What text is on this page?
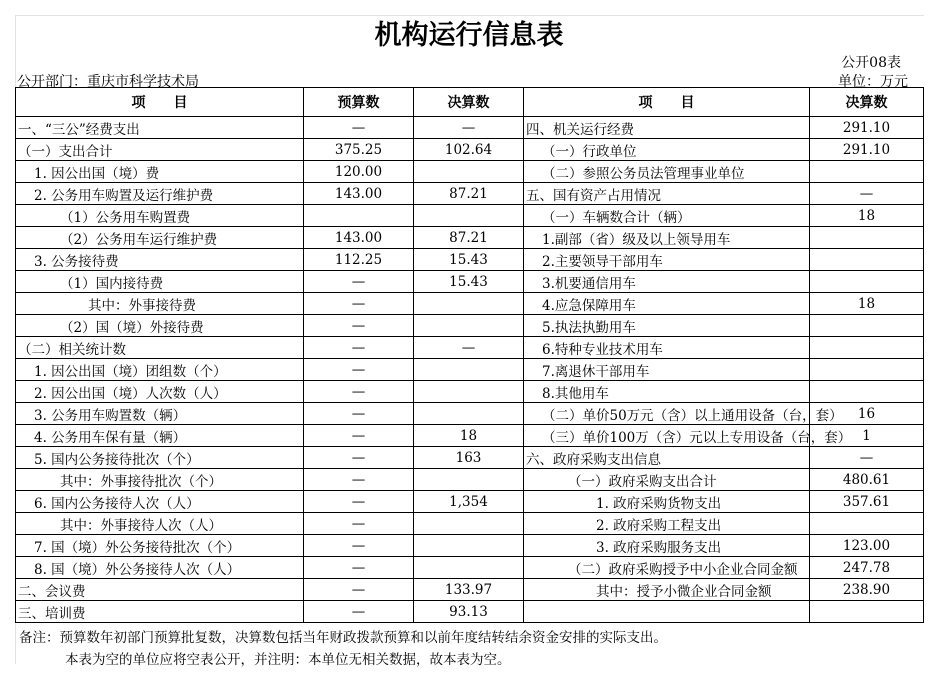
机构运行信息表
公开08表
公开部门：重庆市科学技术局	单位：万元
项　　目	预算数	决算数	项　　目	决算数
一、“三公”经费支出	—	—	四、机关运行经费	291.10
（一）支出合计	375.25	102.64	（一）行政单位	291.10
1. 因公出国（境）费	120.00		（二）参照公务员法管理事业单位	
2. 公务用车购置及运行维护费	143.00	87.21	五、国有资产占用情况	—
（1）公务用车购置费			（一）车辆数合计（辆）	18
（2）公务用车运行维护费	143.00	87.21	1.副部（省）级及以上领导用车	
3. 公务接待费	112.25	15.43	2.主要领导干部用车	
（1）国内接待费	—	15.43	3.机要通信用车	
其中：外事接待费	—		4.应急保障用车	18
（2）国（境）外接待费	—		5.执法执勤用车	
（二）相关统计数	—	—	6.特种专业技术用车	
1. 因公出国（境）团组数（个）	—		7.离退休干部用车	
2. 因公出国（境）人次数（人）	—		8.其他用车	
3. 公务用车购置数（辆）	—		（二）单价50万元（含）以上通用设备（台，套）	16
4. 公务用车保有量（辆）	—	18	（三）单价100万（含）元以上专用设备（台，套）	1
5. 国内公务接待批次（个）	—	163	六、政府采购支出信息	—
其中：外事接待批次（个）	—		（一）政府采购支出合计	480.61
6. 国内公务接待人次（人）	—	1,354	1. 政府采购货物支出	357.61
其中：外事接待人次（人）	—		2. 政府采购工程支出	
7. 国（境）外公务接待批次（个）	—		3. 政府采购服务支出	123.00
8. 国（境）外公务接待人次（人）	—		（二）政府采购授予中小企业合同金额	247.78
二、会议费	—	133.97	其中：授予小微企业合同金额	238.90
三、培训费	—	93.13		
备注：预算数年初部门预算批复数，决算数包括当年财政拨款预算和以前年度结转结余资金安排的实际支出。
本表为空的单位应将空表公开，并注明：本单位无相关数据，故本表为空。
